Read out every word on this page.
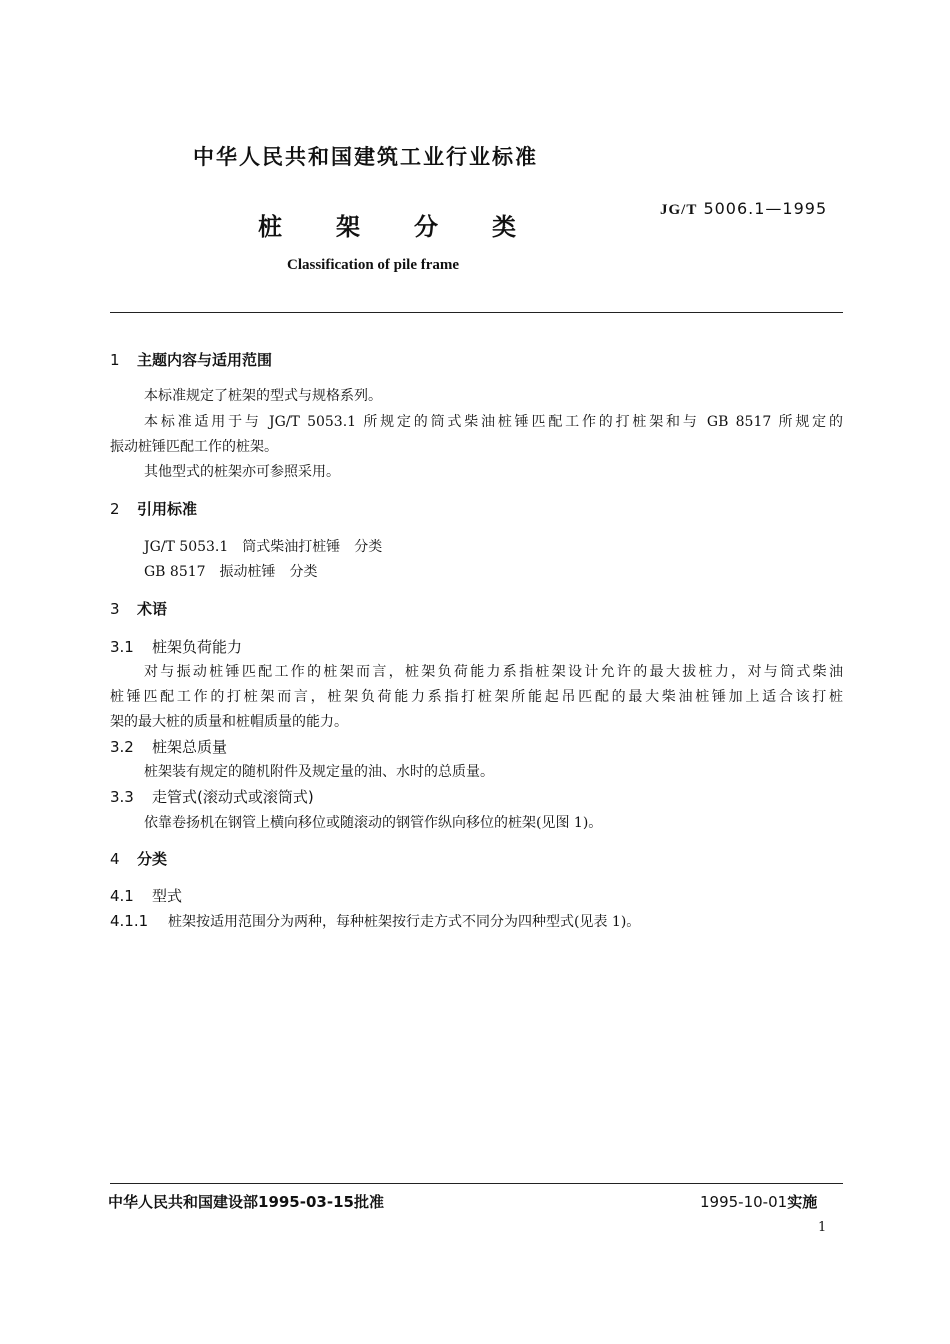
中华人民共和国建筑工业行业标准
JG/T 5006.1—1995
桩 架 分 类
Classification of pile frame
1 主题内容与适用范围
本标准规定了桩架的型式与规格系列。
本标准适用于与 JG/T 5053.1 所规定的筒式柴油桩锤匹配工作的打桩架和与 GB 8517 所规定的
振动桩锤匹配工作的桩架。
其他型式的桩架亦可参照采用。
2 引用标准
JG/T 5053.1　筒式柴油打桩锤　分类
GB 8517　振动桩锤　分类
3 术语
3.1 桩架负荷能力
对与振动桩锤匹配工作的桩架而言，桩架负荷能力系指桩架设计允许的最大拔桩力，对与筒式柴油
桩锤匹配工作的打桩架而言，桩架负荷能力系指打桩架所能起吊匹配的最大柴油桩锤加上适合该打桩
架的最大桩的质量和桩帽质量的能力。
3.2 桩架总质量
桩架装有规定的随机附件及规定量的油、水时的总质量。
3.3 走管式(滚动式或滚筒式)
依靠卷扬机在钢管上横向移位或随滚动的钢管作纵向移位的桩架(见图 1)。
4 分类
4.1 型式
4.1.1 桩架按适用范围分为两种，每种桩架按行走方式不同分为四种型式(见表 1)。
中华人民共和国建设部1995-03-15批准	1995-10-01实施
1
